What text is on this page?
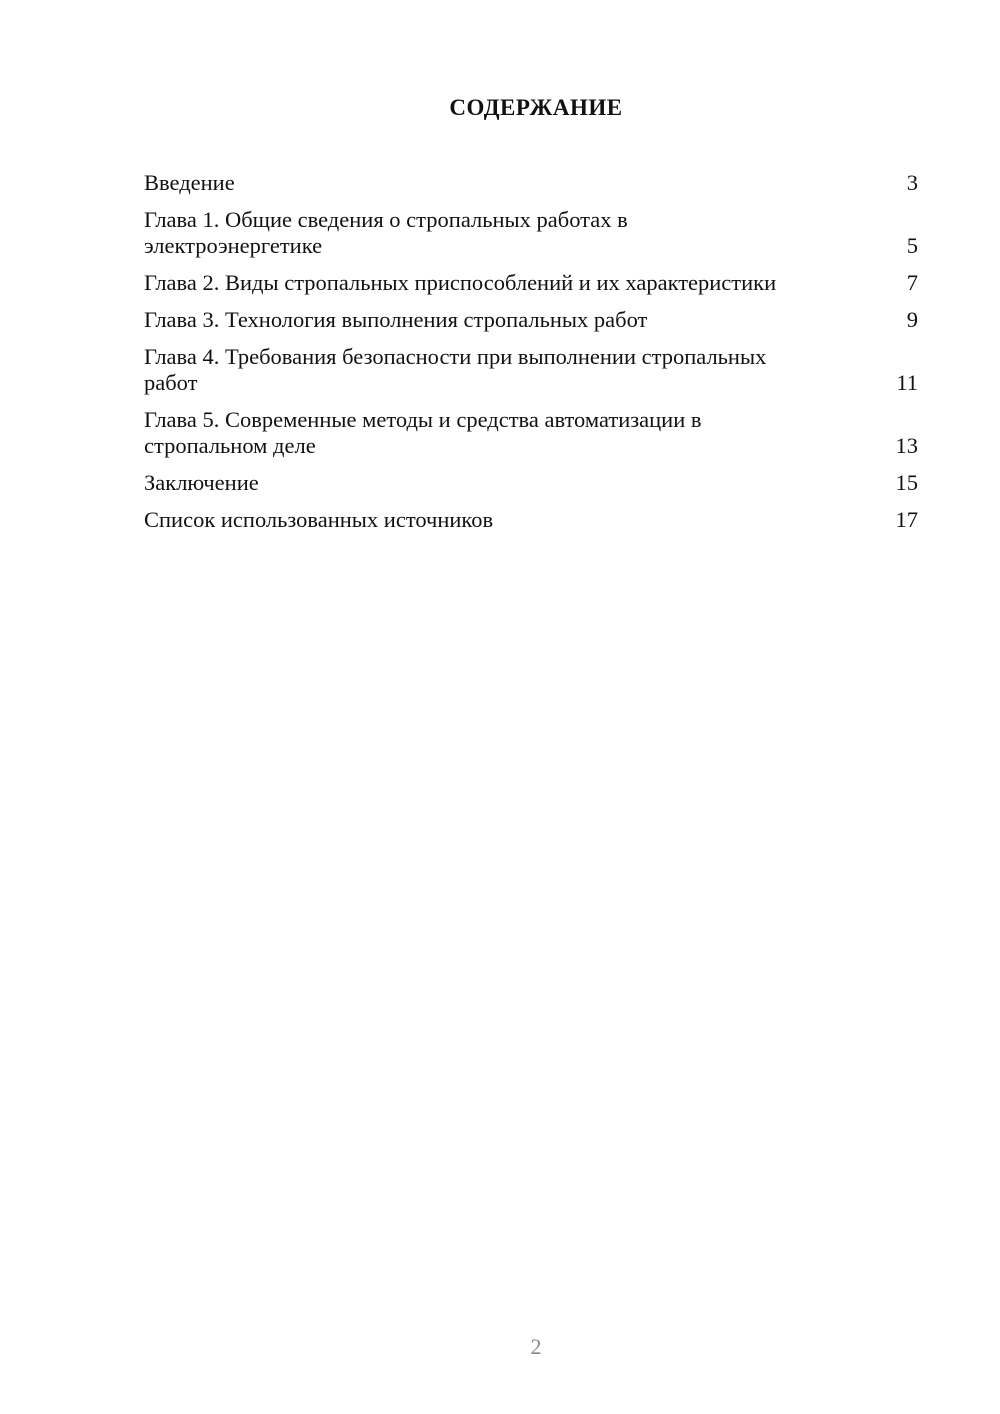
СОДЕРЖАНИЕ
Введение	3
Глава 1. Общие сведения о стропальных работах в электроэнергетике	5
Глава 2. Виды стропальных приспособлений и их характеристики	7
Глава 3. Технология выполнения стропальных работ	9
Глава 4. Требования безопасности при выполнении стропальных работ	11
Глава 5. Современные методы и средства автоматизации в стропальном деле	13
Заключение	15
Список использованных источников	17
2
